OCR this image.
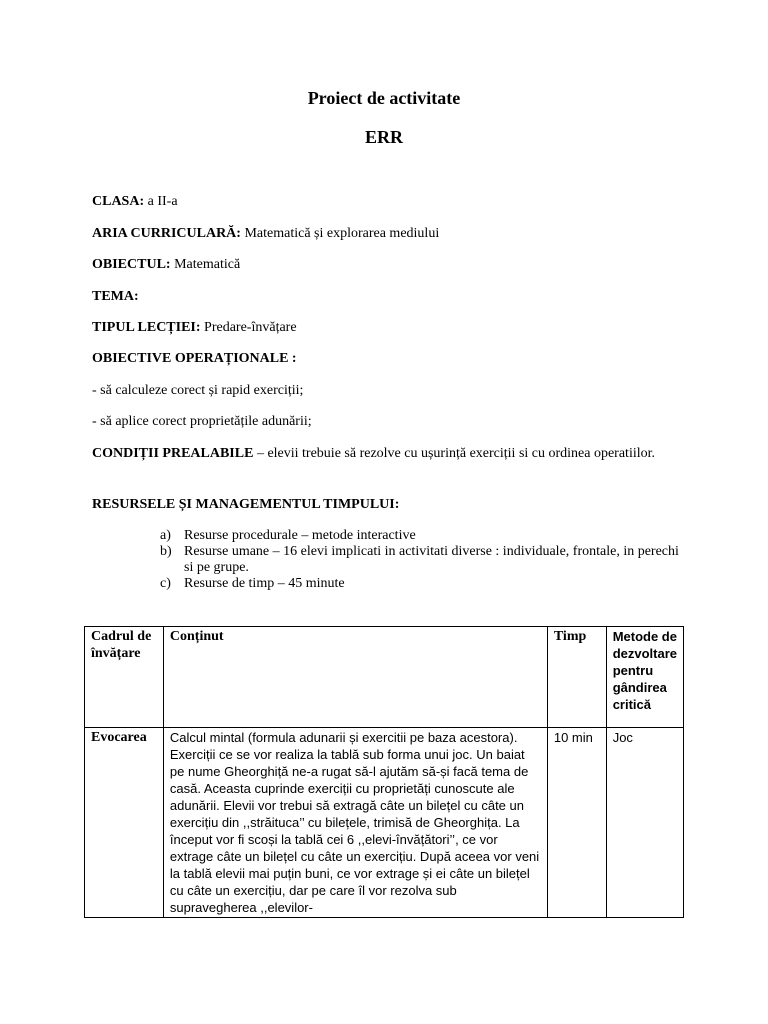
Proiect de activitate
ERR
CLASA: a II-a
ARIA CURRICULARĂ: Matematică și explorarea mediului
OBIECTUL: Matematică
TEMA:
TIPUL LECȚIEI: Predare-învățare
OBIECTIVE OPERAȚIONALE :
- să calculeze corect și rapid exerciții;
- să aplice corect proprietățile adunării;
CONDIȚII PREALABILE – elevii trebuie să rezolve cu ușurință exerciții si cu ordinea operatiilor.
RESURSELE ȘI MANAGEMENTUL TIMPULUI:
a) Resurse procedurale – metode interactive
b) Resurse umane – 16 elevi implicati in activitati diverse : individuale, frontale, in perechi si pe grupe.
c) Resurse de timp – 45 minute
Cadrul de învățare	Conținut	Timp	Metode de dezvoltare pentru gândirea critică
Evocarea	Calcul mintal (formula adunarii și exercitii pe baza acestora). Exerciții ce se vor realiza la tablă sub forma unui joc. Un baiat pe nume Gheorghiță ne-a rugat să-l ajutăm să-și facă tema de casă. Aceasta cuprinde exerciții cu proprietăți cunoscute ale adunării. Elevii vor trebui să extragă câte un bilețel cu câte un exercițiu din ,,străituca’’ cu bilețele, trimisă de Gheorghița. La început vor fi scoși la tablă cei 6 ,,elevi-învățători’’, ce vor extrage câte un bilețel cu câte un exercițiu. După aceea vor veni la tablă elevii mai puțin buni, ce vor extrage și ei câte un bilețel cu câte un exercițiu, dar pe care îl vor rezolva sub supravegherea ,,elevilor-	10 min	Joc
